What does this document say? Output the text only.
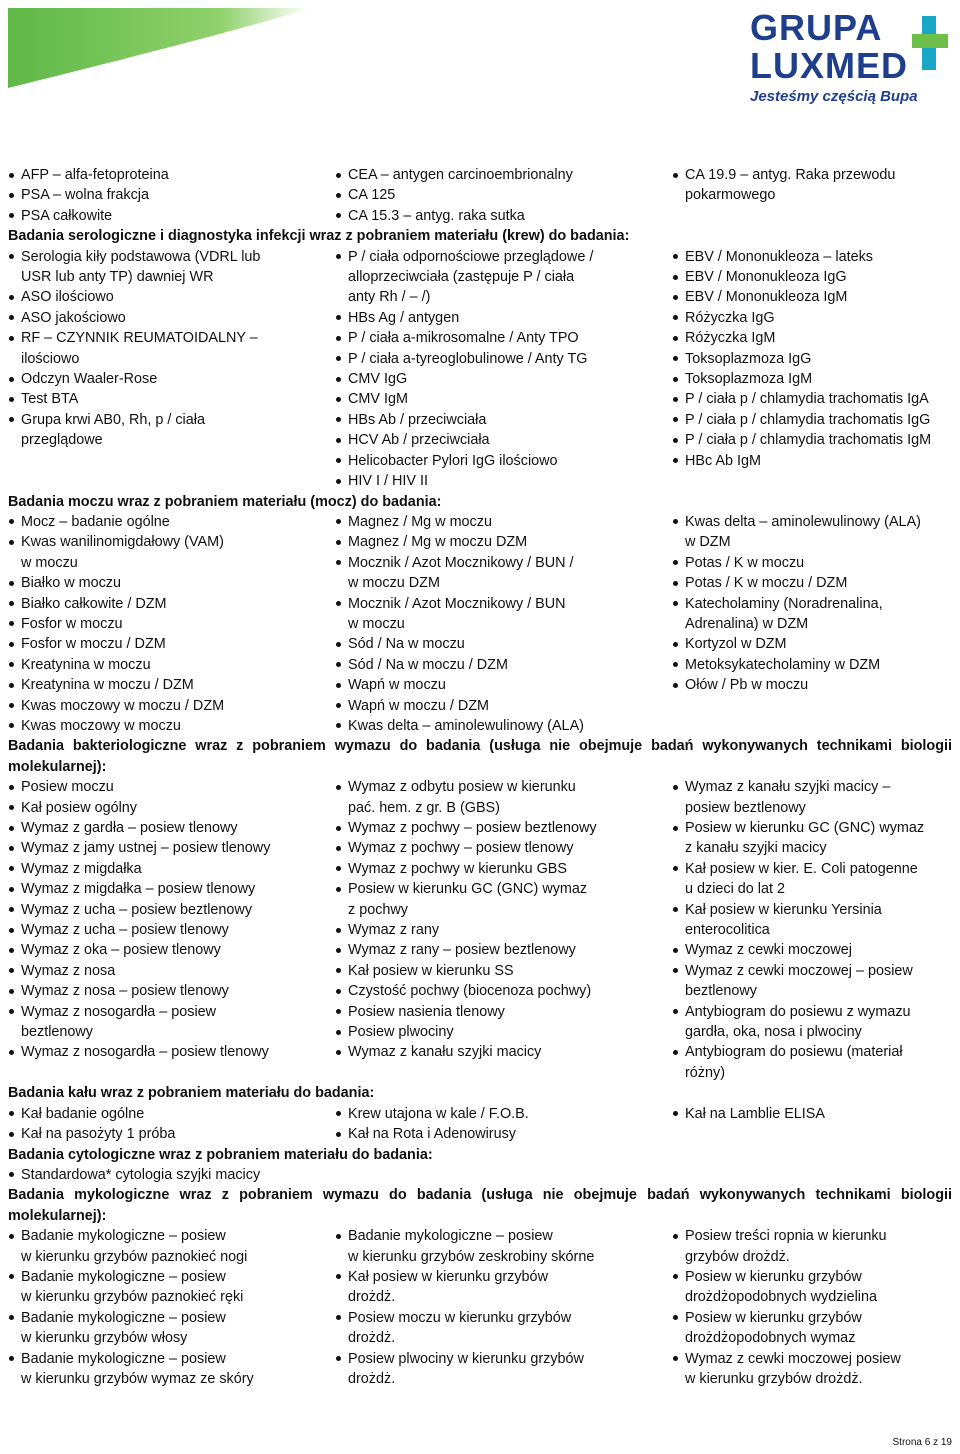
GRUPA
LUXMED
Jesteśmy częścią Bupa
AFP – alfa-fetoproteina
PSA – wolna frakcja
PSA całkowite
CEA – antygen carcinoembrionalny
CA 125
CA 15.3 – antyg. raka sutka
CA 19.9 – antyg. Raka przewodu
pokarmowego
Badania serologiczne i diagnostyka infekcji wraz z pobraniem materiału (krew) do badania:
Serologia kiły podstawowa (VDRL lub
USR lub anty TP) dawniej WR
ASO ilościowo
ASO jakościowo
RF – CZYNNIK REUMATOIDALNY –
ilościowo
Odczyn Waaler-Rose
Test BTA
Grupa krwi AB0, Rh, p / ciała
przeglądowe
P / ciała odpornościowe przeglądowe /
alloprzeciwciała (zastępuje P / ciała
anty Rh / – /)
HBs Ag / antygen
P / ciała a-mikrosomalne / Anty TPO
P / ciała a-tyreoglobulinowe / Anty TG
CMV IgG
CMV IgM
HBs Ab / przeciwciała
HCV Ab / przeciwciała
Helicobacter Pylori IgG ilościowo
HIV I / HIV II
EBV / Mononukleoza – lateks
EBV / Mononukleoza IgG
EBV / Mononukleoza IgM
Różyczka IgG
Różyczka IgM
Toksoplazmoza IgG
Toksoplazmoza IgM
P / ciała p / chlamydia trachomatis IgA
P / ciała p / chlamydia trachomatis IgG
P / ciała p / chlamydia trachomatis IgM
HBc Ab IgM
Badania moczu wraz z pobraniem materiału (mocz) do badania:
Mocz – badanie ogólne
Kwas wanilinomigdałowy (VAM)
w moczu
Białko w moczu
Białko całkowite / DZM
Fosfor w moczu
Fosfor w moczu / DZM
Kreatynina w moczu
Kreatynina w moczu / DZM
Kwas moczowy w moczu / DZM
Kwas moczowy w moczu
Magnez / Mg w moczu
Magnez / Mg w moczu DZM
Mocznik / Azot Mocznikowy / BUN /
w moczu DZM
Mocznik / Azot Mocznikowy / BUN
w moczu
Sód / Na w moczu
Sód / Na w moczu / DZM
Wapń w moczu
Wapń w moczu / DZM
Kwas delta – aminolewulinowy (ALA)
Kwas delta – aminolewulinowy (ALA)
w DZM
Potas / K w moczu
Potas / K w moczu / DZM
Katecholaminy (Noradrenalina,
Adrenalina) w DZM
Kortyzol w DZM
Metoksykatecholaminy w DZM
Ołów / Pb w moczu
Badania bakteriologiczne wraz z pobraniem wymazu do badania (usługa nie obejmuje badań wykonywanych technikami biologii molekularnej):
Posiew moczu
Kał posiew ogólny
Wymaz z gardła – posiew tlenowy
Wymaz z jamy ustnej – posiew tlenowy
Wymaz z migdałka
Wymaz z migdałka – posiew tlenowy
Wymaz z ucha – posiew beztlenowy
Wymaz z ucha – posiew tlenowy
Wymaz z oka – posiew tlenowy
Wymaz z nosa
Wymaz z nosa – posiew tlenowy
Wymaz z nosogardła – posiew
beztlenowy
Wymaz z nosogardła – posiew tlenowy
Wymaz z odbytu posiew w kierunku
pać. hem. z gr. B (GBS)
Wymaz z pochwy – posiew beztlenowy
Wymaz z pochwy – posiew tlenowy
Wymaz z pochwy w kierunku GBS
Posiew w kierunku GC (GNC) wymaz
z pochwy
Wymaz z rany
Wymaz z rany – posiew beztlenowy
Kał posiew w kierunku SS
Czystość pochwy (biocenoza pochwy)
Posiew nasienia tlenowy
Posiew plwociny
Wymaz z kanału szyjki macicy
Wymaz z kanału szyjki macicy –
posiew beztlenowy
Posiew w kierunku GC (GNC) wymaz
z kanału szyjki macicy
Kał posiew w kier. E. Coli patogenne
u dzieci do lat 2
Kał posiew w kierunku Yersinia
enterocolitica
Wymaz z cewki moczowej
Wymaz z cewki moczowej – posiew
beztlenowy
Antybiogram do posiewu z wymazu
gardła, oka, nosa i plwociny
Antybiogram do posiewu (materiał
różny)
Badania kału wraz z pobraniem materiału do badania:
Kał badanie ogólne
Kał na pasożyty 1 próba
Krew utajona w kale / F.O.B.
Kał na Rota i Adenowirusy
Kał na Lamblie ELISA
Badania cytologiczne wraz z pobraniem materiału do badania:
Standardowa* cytologia szyjki macicy
Badania mykologiczne wraz z pobraniem wymazu do badania (usługa nie obejmuje badań wykonywanych technikami biologii molekularnej):
Badanie mykologiczne – posiew
w kierunku grzybów paznokieć nogi
Badanie mykologiczne – posiew
w kierunku grzybów paznokieć ręki
Badanie mykologiczne – posiew
w kierunku grzybów włosy
Badanie mykologiczne – posiew
w kierunku grzybów wymaz ze skóry
Badanie mykologiczne – posiew
w kierunku grzybów zeskrobiny skórne
Kał posiew w kierunku grzybów
drożdż.
Posiew moczu w kierunku grzybów
drożdż.
Posiew plwociny w kierunku grzybów
drożdż.
Posiew treści ropnia w kierunku
grzybów drożdż.
Posiew w kierunku grzybów
drożdżopodobnych wydzielina
Posiew w kierunku grzybów
drożdżopodobnych wymaz
Wymaz z cewki moczowej posiew
w kierunku grzybów drożdż.
Strona 6 z 19
